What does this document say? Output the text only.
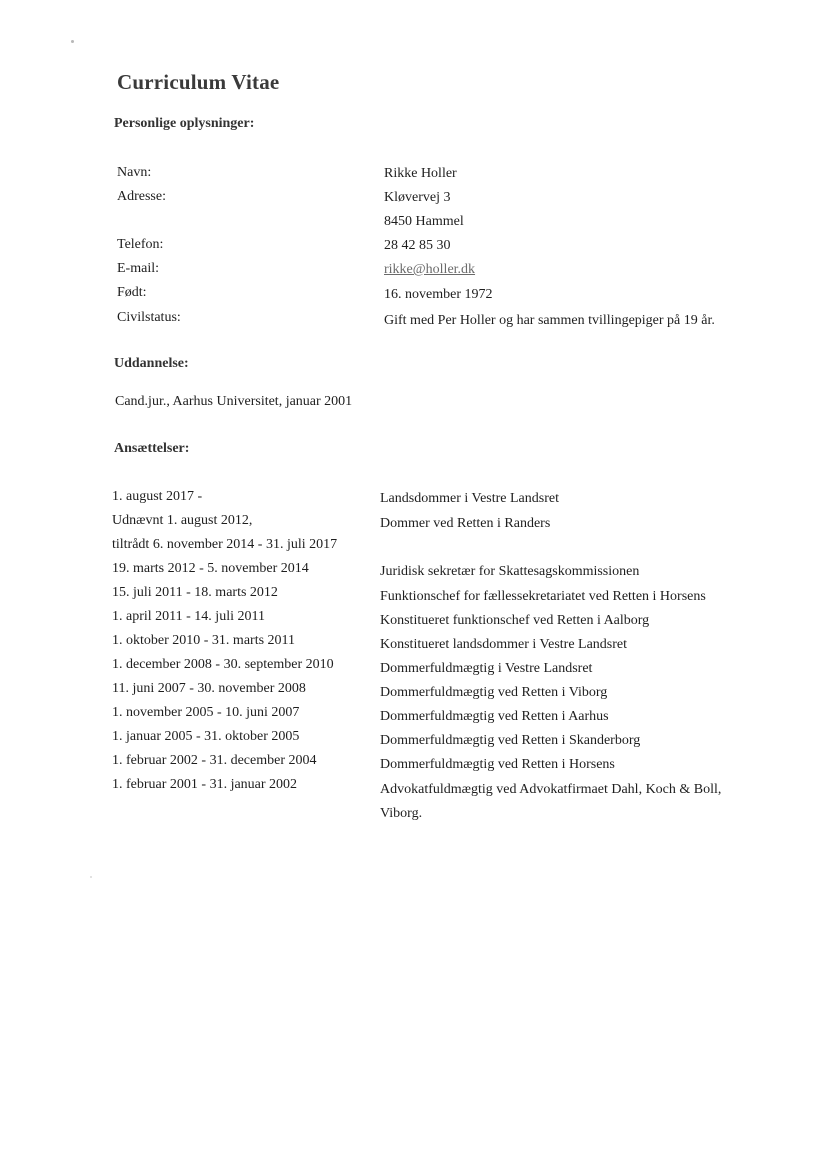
Curriculum Vitae
Personlige oplysninger:
Navn:	Rikke Holler
Adresse:	Kløvervej 3
8450 Hammel
Telefon:	28 42 85 30
E-mail:	rikke@holler.dk
Født:	16. november 1972
Civilstatus:	Gift med Per Holler og har sammen tvillingepiger på 19 år.
Uddannelse:
Cand.jur., Aarhus Universitet, januar 2001
Ansættelser:
1. august 2017 -	Landsdommer i Vestre Landsret
Udnævnt 1. august 2012,	Dommer ved Retten i Randers
tiltrådt 6. november 2014 - 31. juli 2017
19. marts 2012 - 5. november 2014	Juridisk sekretær for Skattesagskommissionen
15. juli 2011 - 18. marts 2012	Funktionschef for fællessekretariatet ved Retten i Horsens
1. april 2011 - 14. juli 2011	Konstitueret funktionschef ved Retten i Aalborg
1. oktober 2010 - 31. marts 2011	Konstitueret landsdommer i Vestre Landsret
1. december 2008 - 30. september 2010	Dommerfuldmægtig i Vestre Landsret
11. juni 2007 - 30. november 2008	Dommerfuldmægtig ved Retten i Viborg
1. november 2005 - 10. juni 2007	Dommerfuldmægtig ved Retten i Aarhus
1. januar 2005 - 31. oktober 2005	Dommerfuldmægtig ved Retten i Skanderborg
1. februar 2002 - 31. december 2004	Dommerfuldmægtig ved Retten i Horsens
1. februar 2001 - 31. januar 2002	Advokatfuldmægtig ved Advokatfirmaet Dahl, Koch & Boll,
Viborg.
